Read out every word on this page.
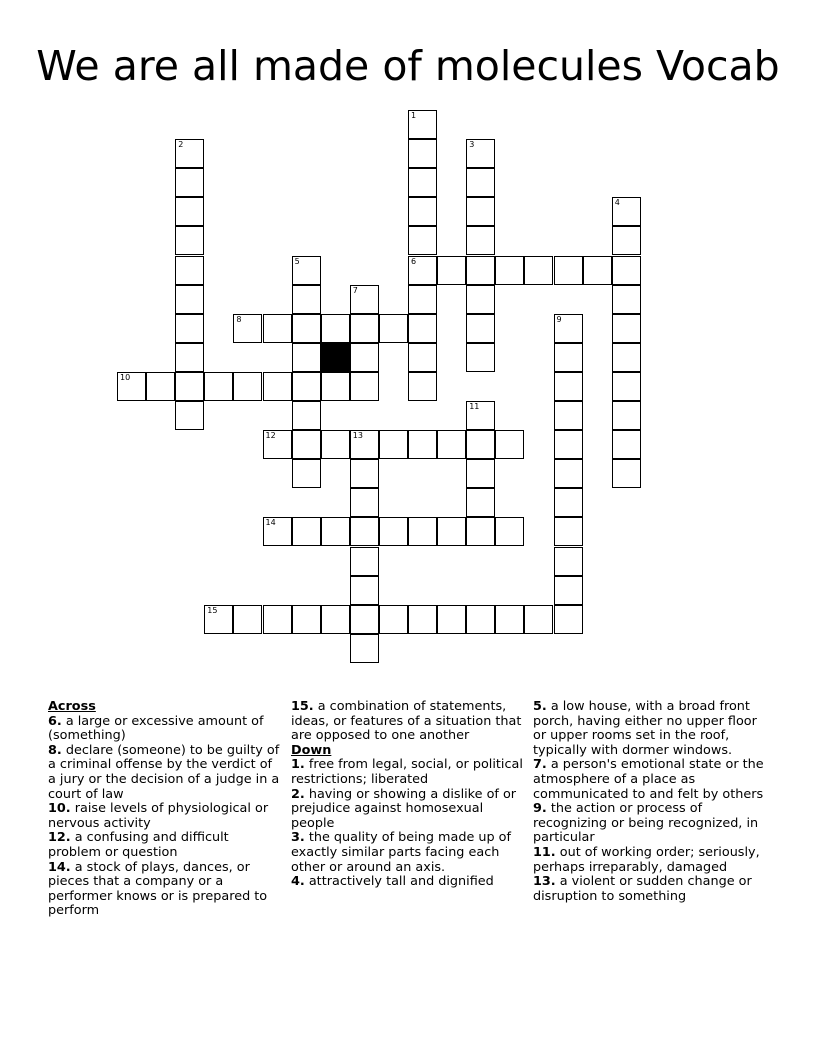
We are all made of molecules Vocab
1
6
2	3
4
5
7
8	9
10
11
12	13
14
15
Across
6. a large or excessive amount of (something)
8. declare (someone) to be guilty of a criminal offense by the verdict of a jury or the decision of a judge in a court of law
10. raise levels of physiological or nervous activity
12. a confusing and difficult problem or question
14. a stock of plays, dances, or pieces that a company or a performer knows or is prepared to perform
15. a combination of statements, ideas, or features of a situation that are opposed to one another
Down
1. free from legal, social, or political restrictions; liberated
2. having or showing a dislike of or prejudice against homosexual people
3. the quality of being made up of exactly similar parts facing each other or around an axis.
4. attractively tall and dignified
5. a low house, with a broad front porch, having either no upper floor or upper rooms set in the roof, typically with dormer windows.
7. a person's emotional state or the atmosphere of a place as communicated to and felt by others
9. the action or process of recognizing or being recognized, in particular
11. out of working order; seriously, perhaps irreparably, damaged
13. a violent or sudden change or disruption to something
